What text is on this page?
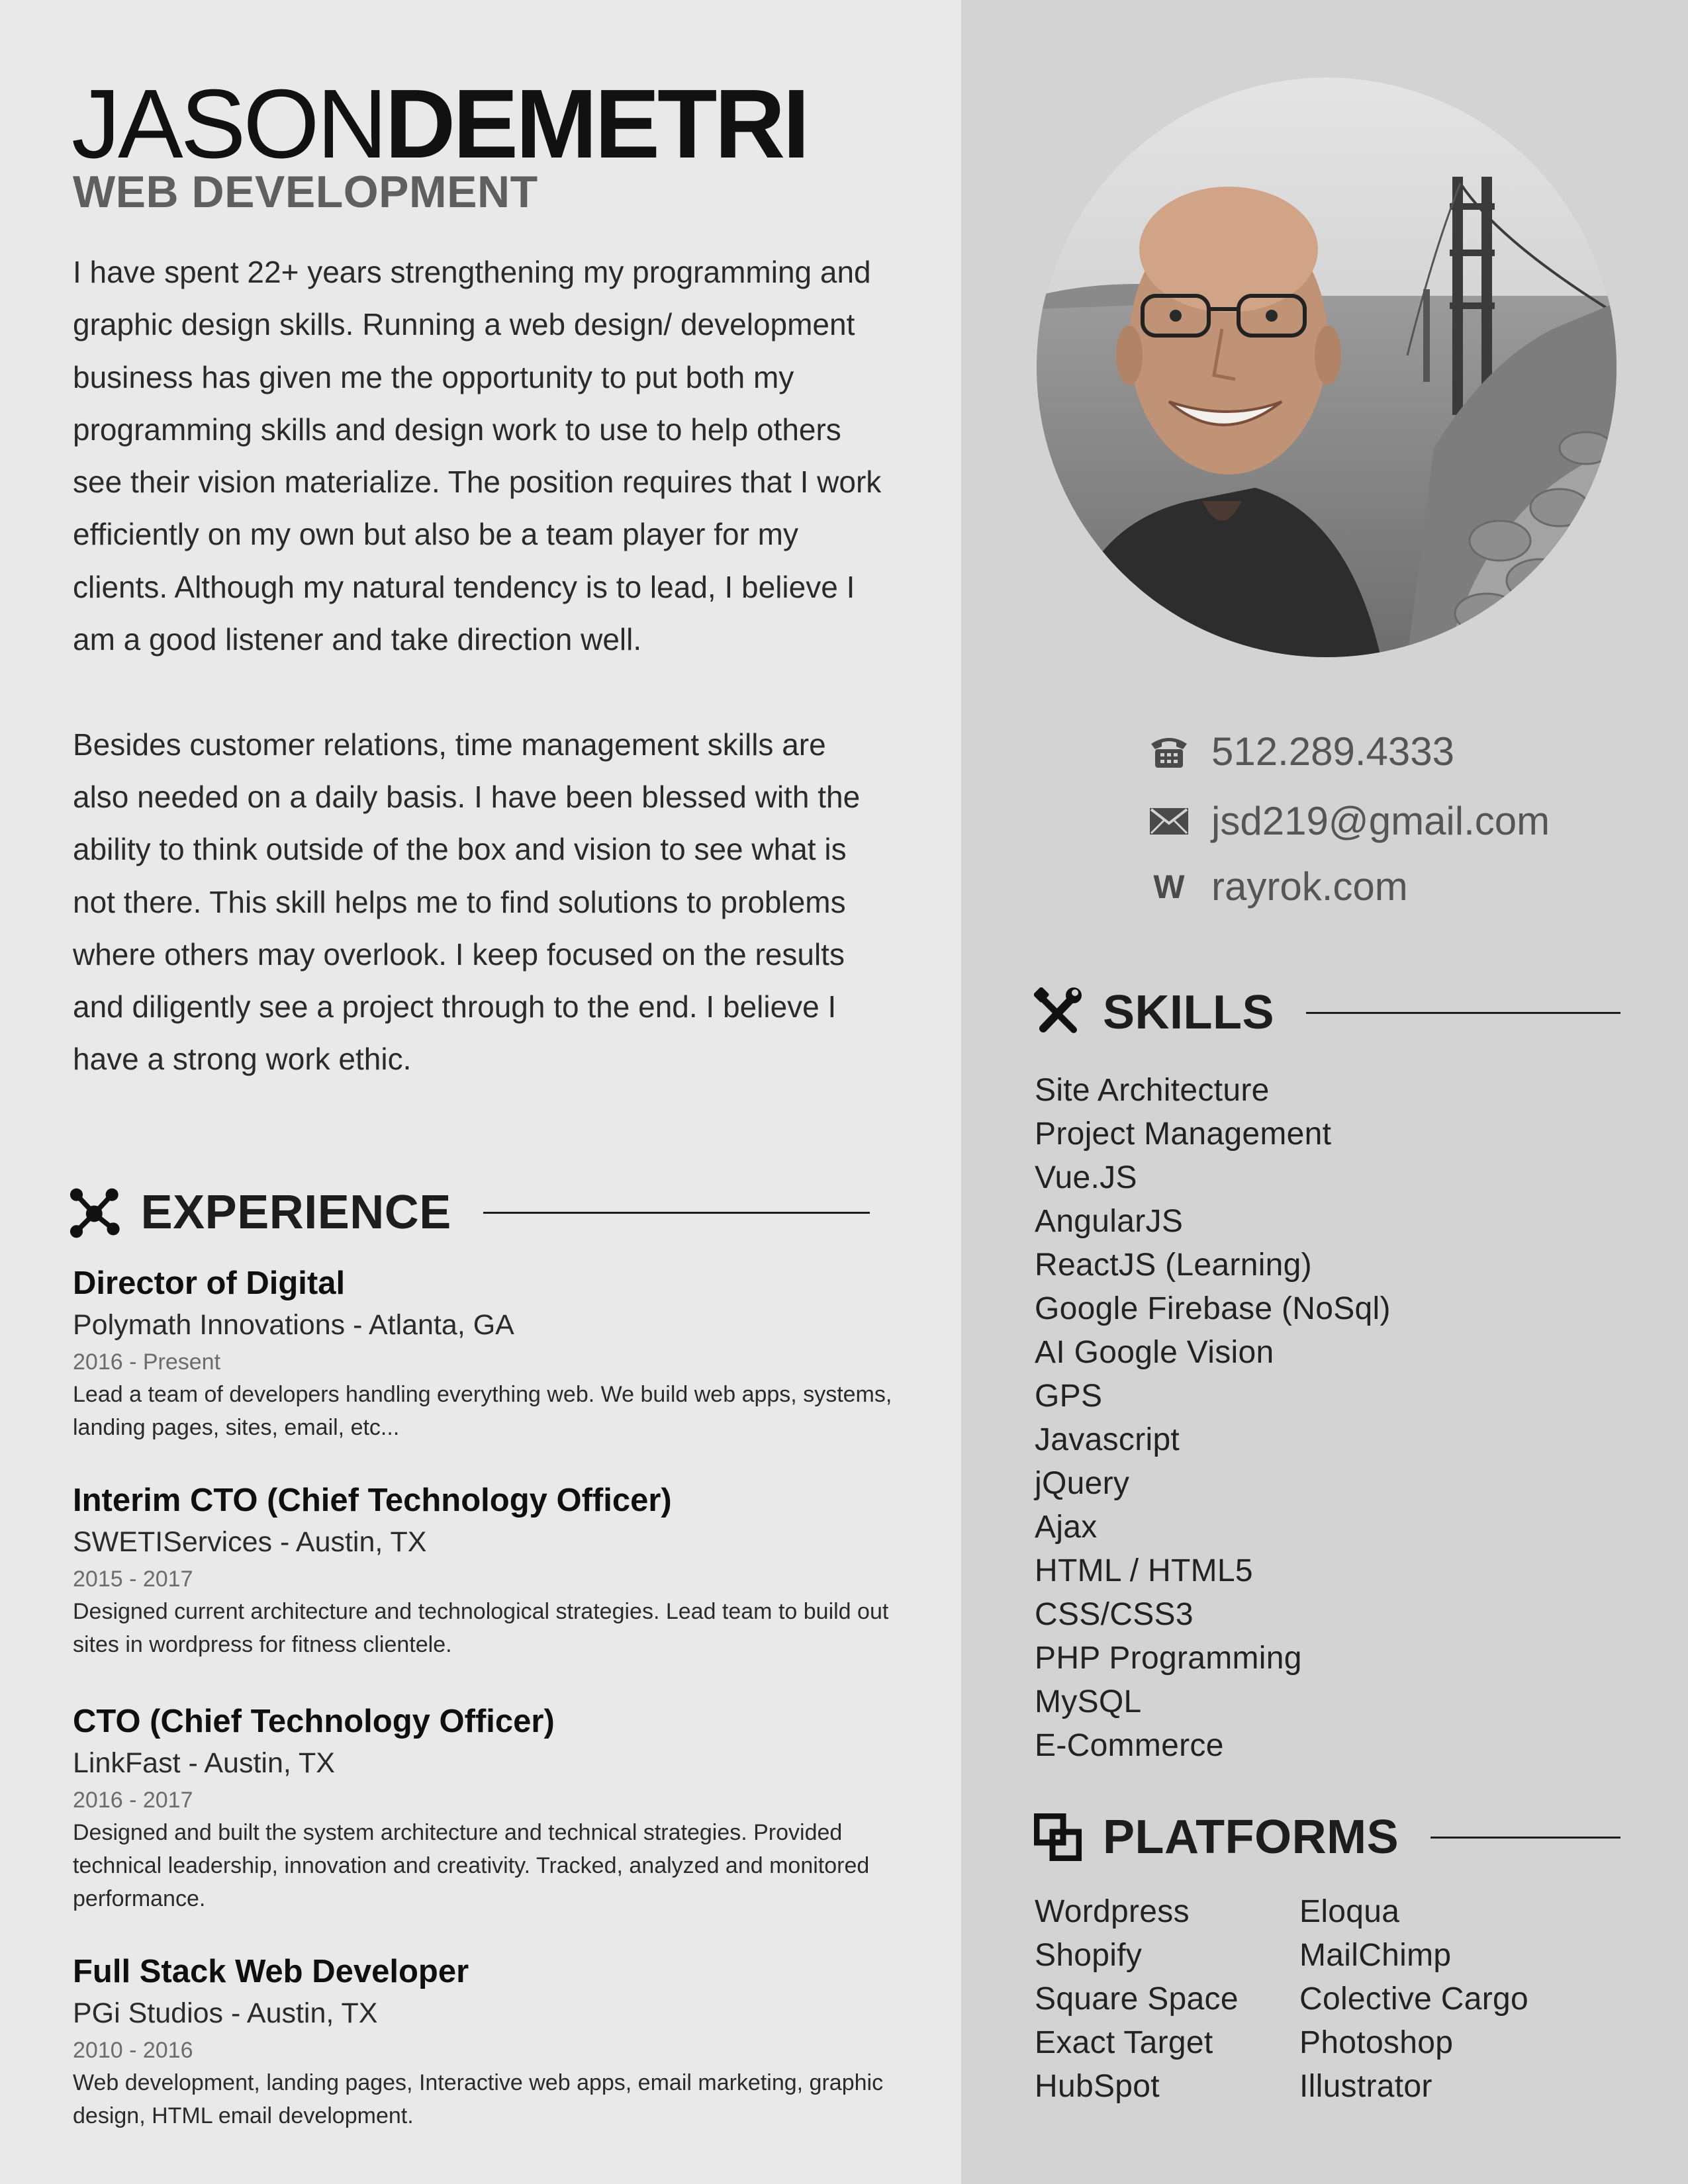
JASONDEMETRI
WEB DEVELOPMENT

I have spent 22+ years strengthening my programming and graphic design skills. Running a web design/ development business has given me the opportunity to put both my programming skills and design work to use to help others see their vision materialize. The position requires that I work efficiently on my own but also be a team player for my clients. Although my natural tendency is to lead, I believe I am a good listener and take direction well.

Besides customer relations, time management skills are also needed on a daily basis. I have been blessed with the ability to think outside of the box and vision to see what is not there. This skill helps me to find solutions to problems where others may overlook. I keep focused on the results and diligently see a project through to the end. I believe I have a strong work ethic.

EXPERIENCE

Director of Digital

Polymath Innovations - Atlanta, GA

2016 - Present

Lead a team of developers handling everything web. We build web apps, systems, landing pages, sites, email, etc...

Interim CTO (Chief Technology Officer)

SWETIServices - Austin, TX

2015 - 2017

Designed current architecture and technological strategies. Lead team to build out sites in wordpress for fitness clientele.

CTO (Chief Technology Officer)

LinkFast - Austin, TX

2016 - 2017

Designed and built the system architecture and technical strategies. Provided technical leadership, innovation and creativity. Tracked, analyzed and monitored performance.

Full Stack Web Developer

PGi Studios - Austin, TX

2010 - 2016

Web development, landing pages, Interactive web apps, email marketing, graphic design, HTML email development.

512.289.4333
jsd219@gmail.com
W rayrok.com
SKILLS
Site Architecture
Project Management
Vue.JS
AngularJS
ReactJS (Learning)
Google Firebase (NoSql)
AI Google Vision
GPS
Javascript
jQuery
Ajax
HTML / HTML5
CSS/CSS3
PHP Programming
MySQL
E-Commerce
PLATFORMS
Wordpress
Shopify
Square Space
Exact Target
HubSpot
Eloqua
MailChimp
Colective Cargo
Photoshop
Illustrator
